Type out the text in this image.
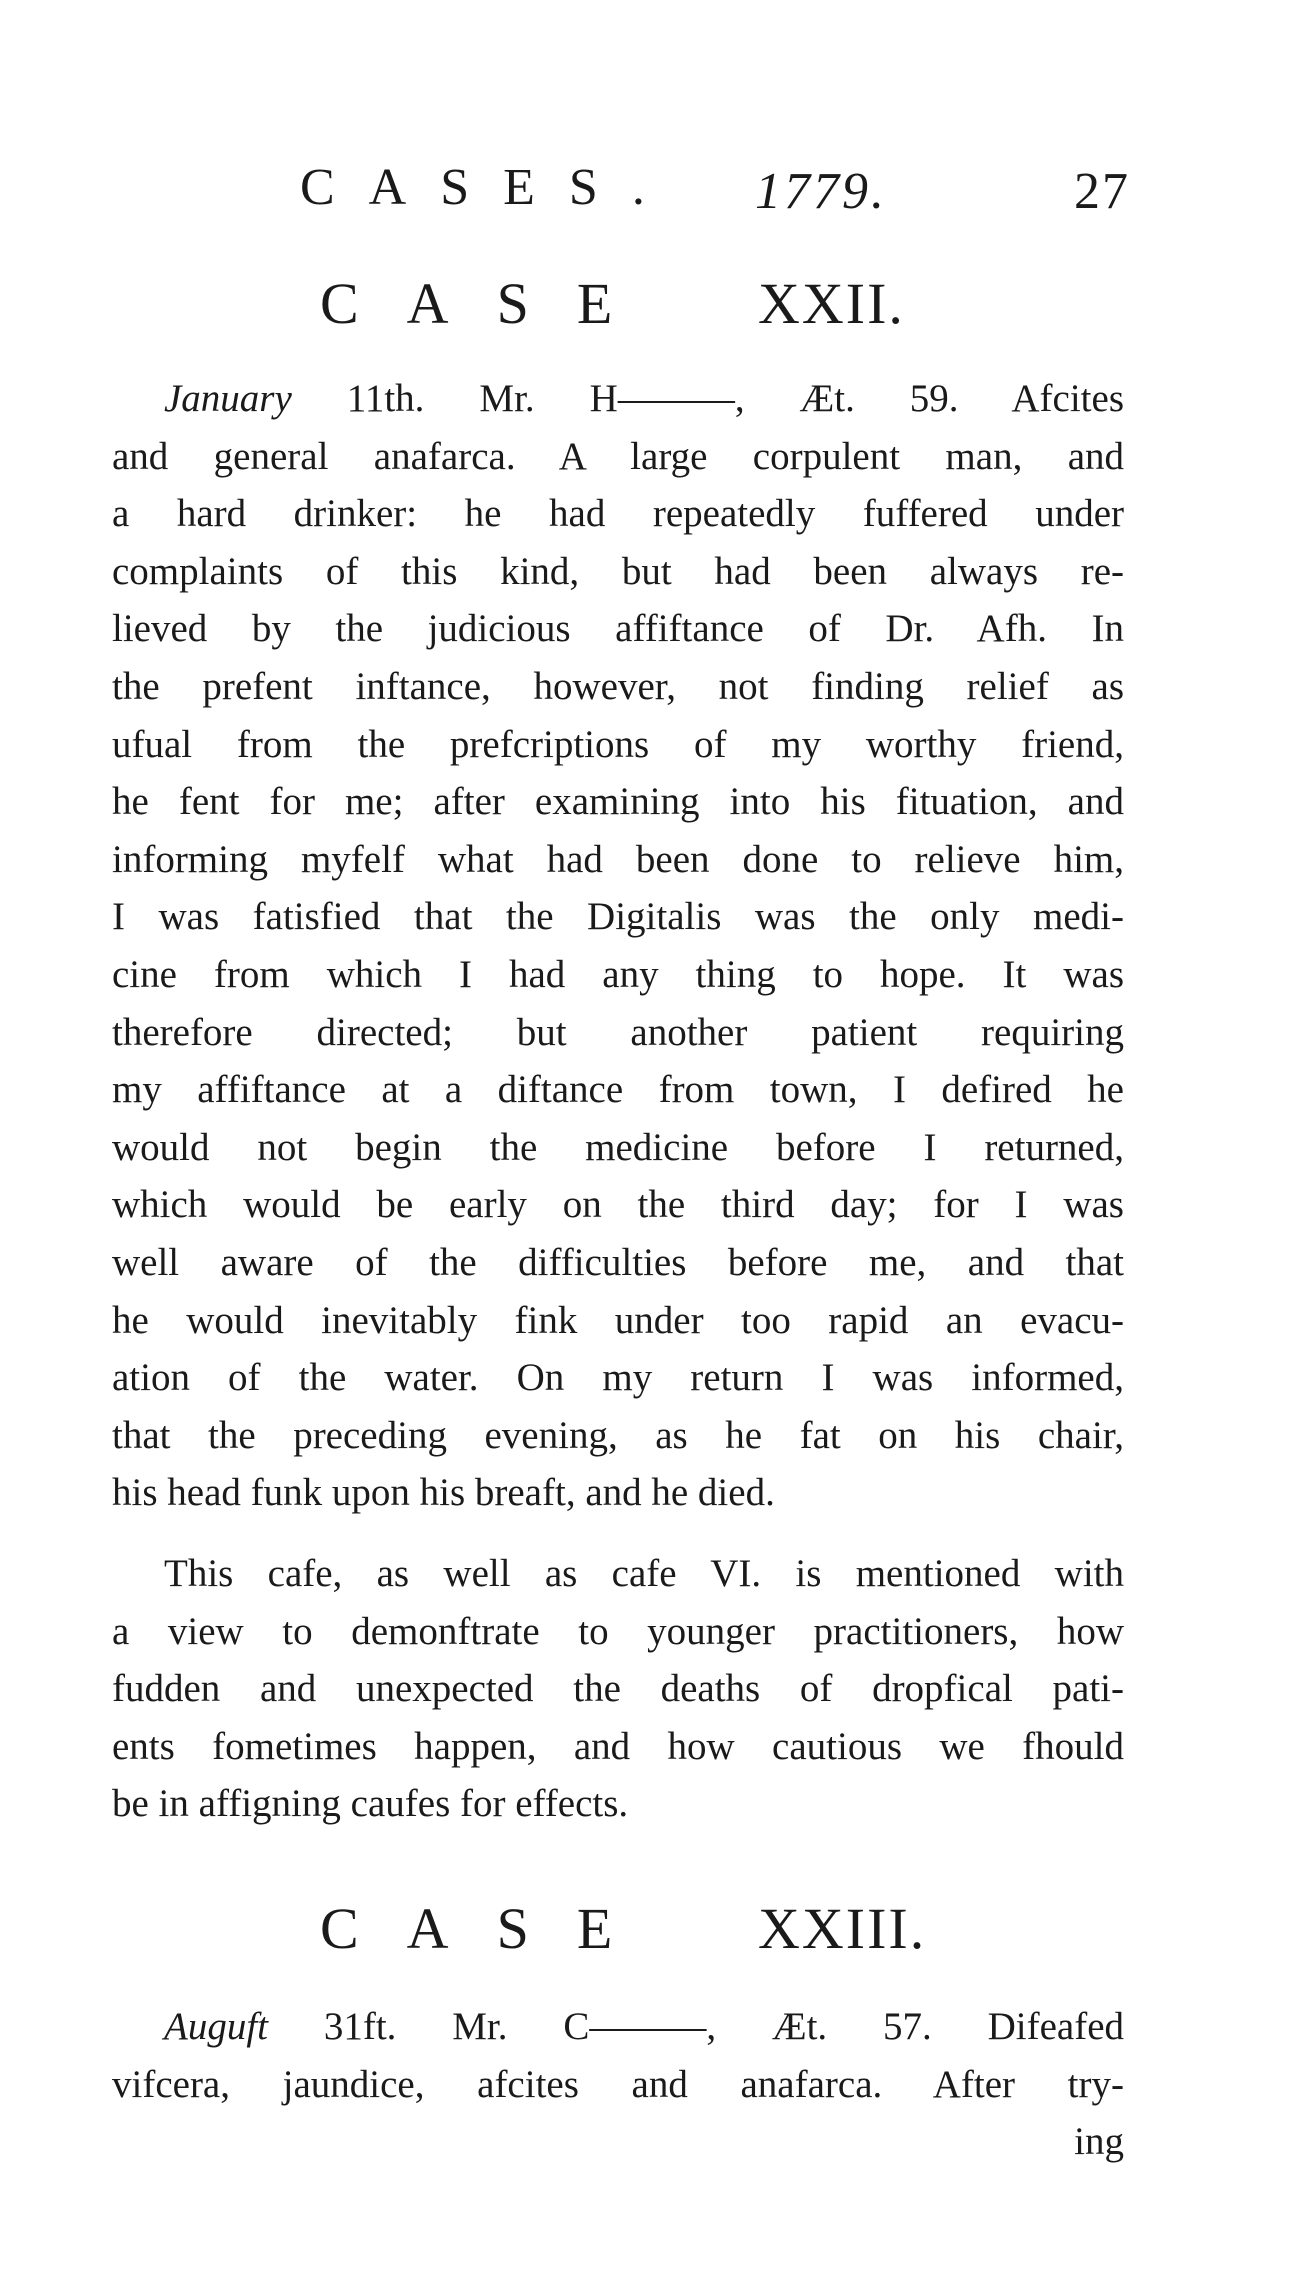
CASES. 1779.	27
CASE XXII.
January 11th. Mr. H———, Æt. 59. Afcites
and general anafarca. A large corpulent man, and
a hard drinker: he had repeatedly fuffered under
complaints of this kind, but had been always re-
lieved by the judicious affiftance of Dr. Afh. In
the prefent inftance, however, not finding relief as
ufual from the prefcriptions of my worthy friend,
he fent for me; after examining into his fituation, and
informing myfelf what had been done to relieve him,
I was fatisfied that the Digitalis was the only medi-
cine from which I had any thing to hope. It was
therefore directed; but another patient requiring
my affiftance at a diftance from town, I defired he
would not begin the medicine before I returned,
which would be early on the third day; for I was
well aware of the difficulties before me, and that
he would inevitably fink under too rapid an evacu-
ation of the water. On my return I was informed,
that the preceding evening, as he fat on his chair,
his head funk upon his breaft, and he died.
This cafe, as well as cafe VI. is mentioned with
a view to demonftrate to younger practitioners, how
fudden and unexpected the deaths of dropfical pati-
ents fometimes happen, and how cautious we fhould
be in affigning caufes for effects.
CASE XXIII.
Auguft 31ft. Mr. C———, Æt. 57. Difeafed
vifcera, jaundice, afcites and anafarca. After try-
ing
